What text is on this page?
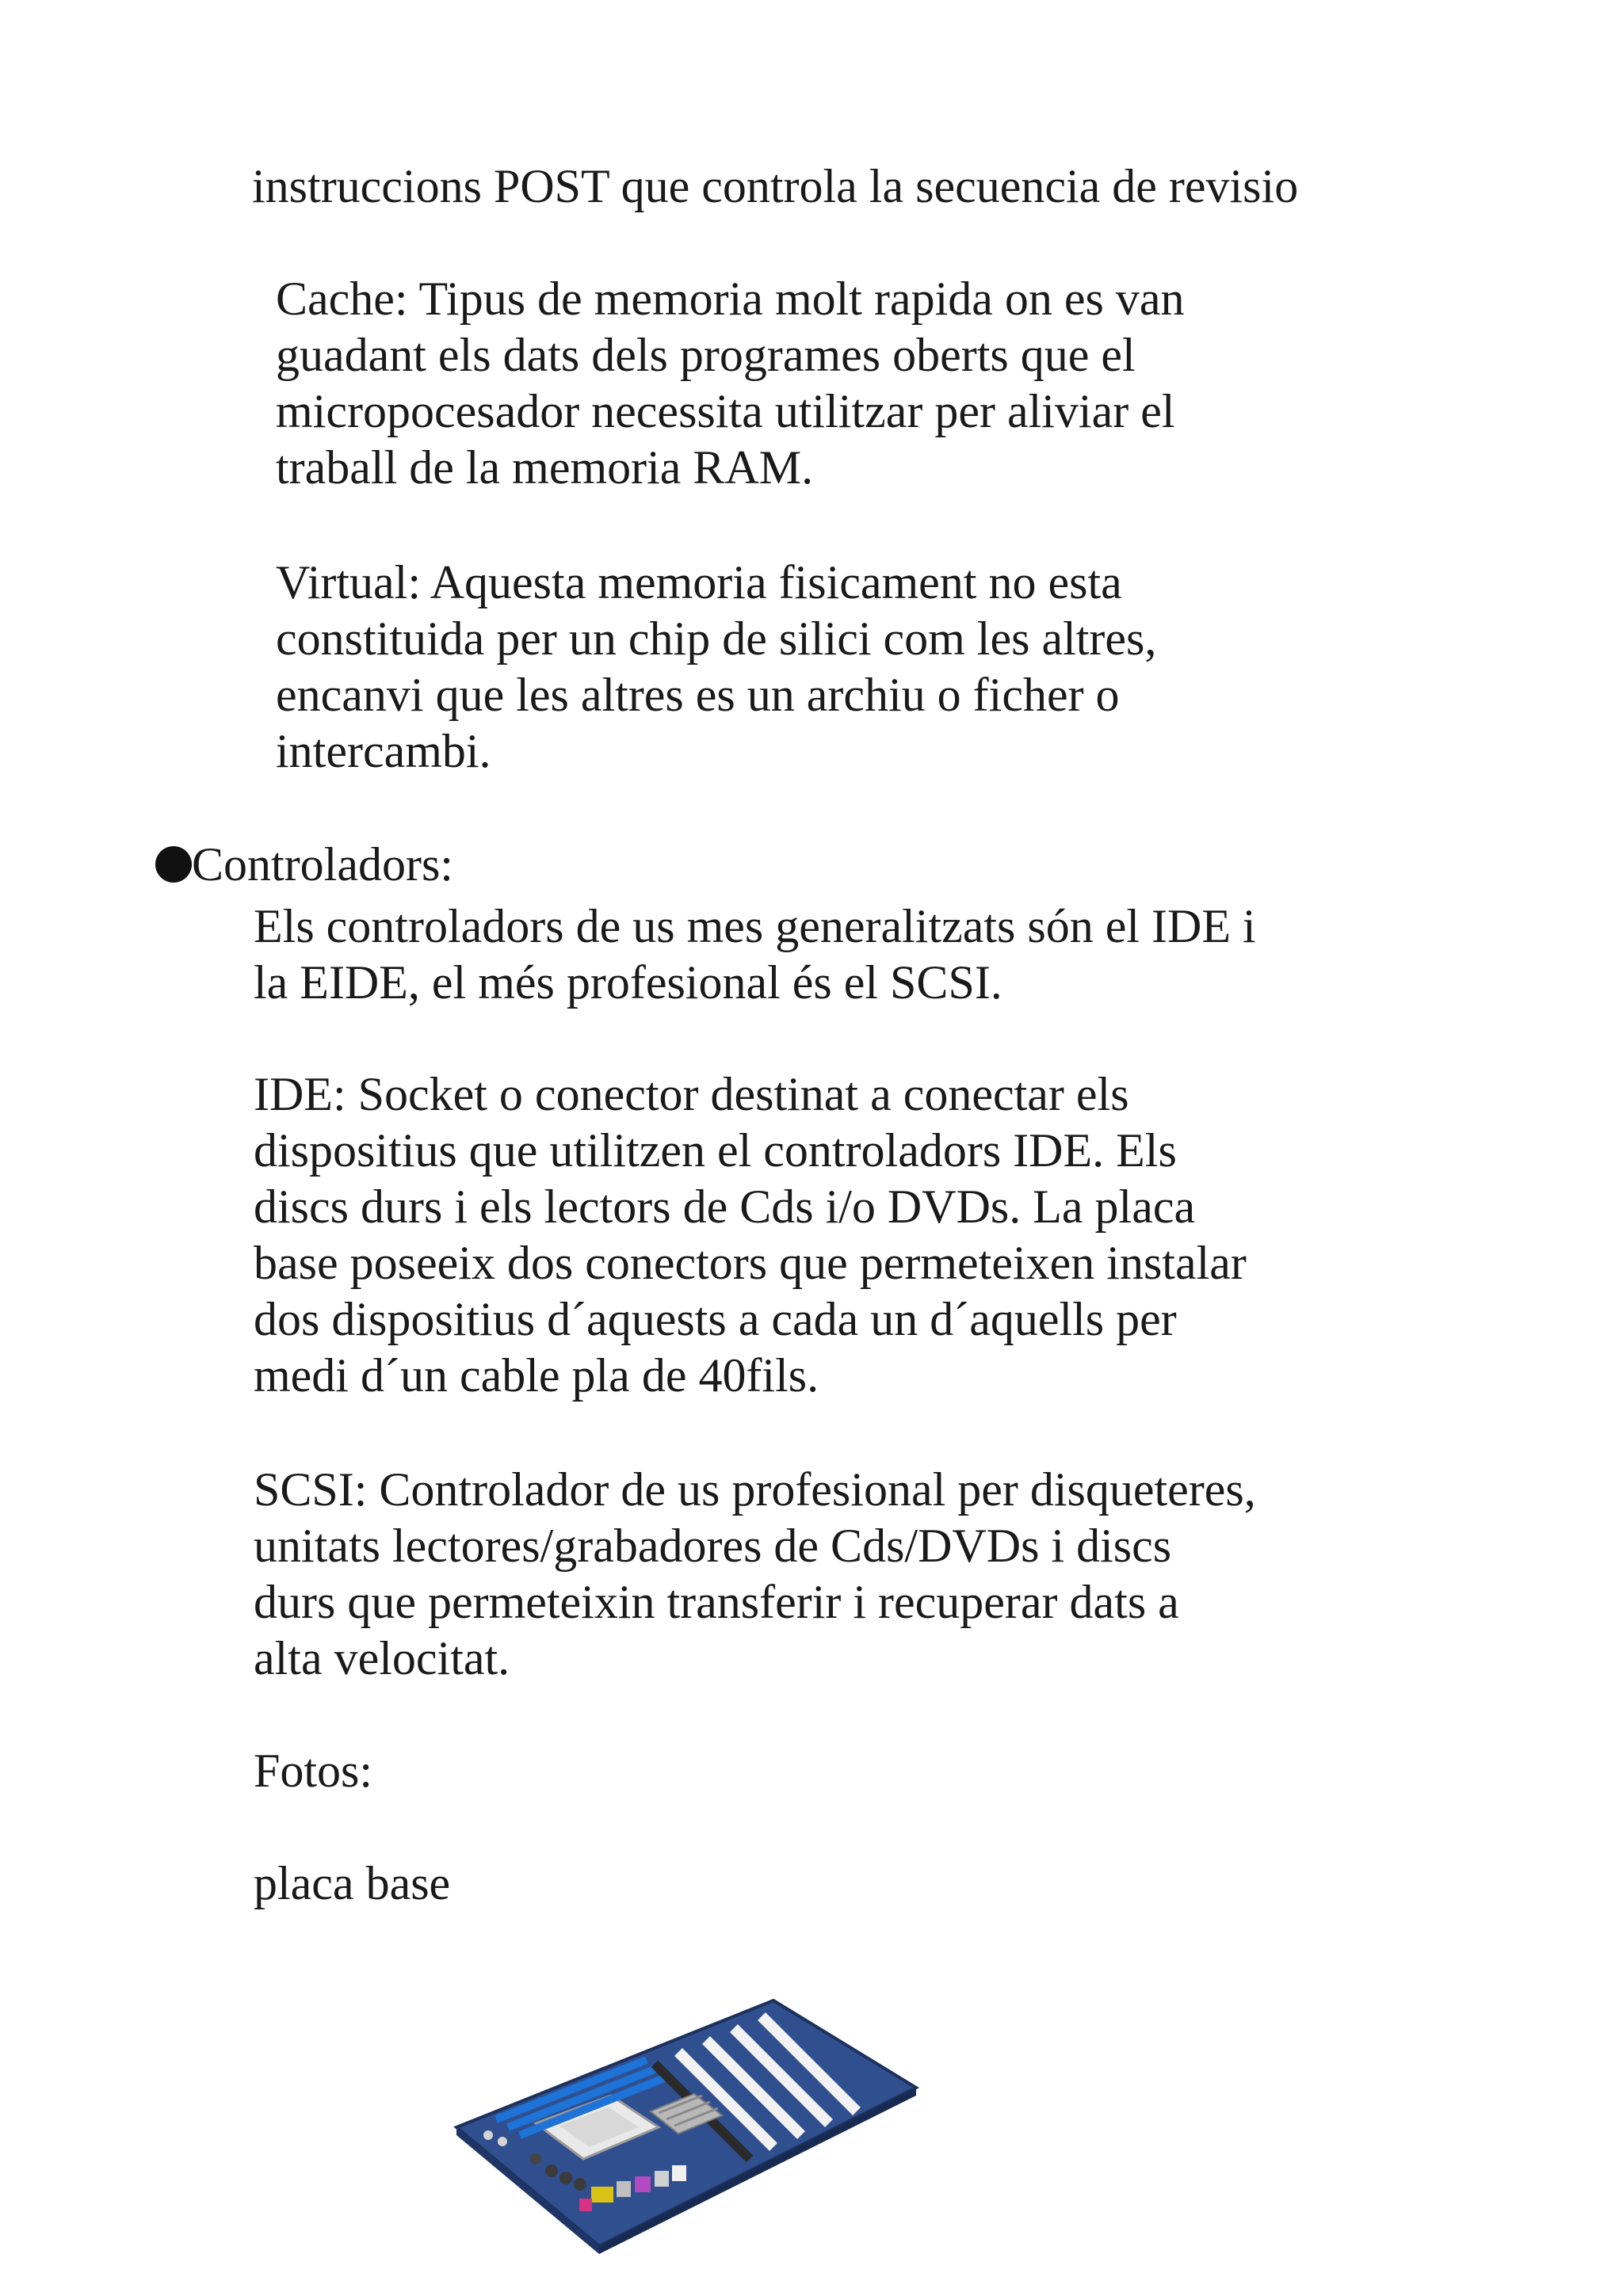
instruccions POST que controla la secuencia de revisio

Cache: Tipus de memoria molt rapida on es van
guadant els dats dels programes oberts que el
micropocesador necessita utilitzar per aliviar el
traball de la memoria RAM.

Virtual: Aquesta memoria fisicament no esta
constituida per un chip de silici com les altres,
encanvi que les altres es un archiu o ficher o
intercambi.

Controladors:

Els controladors de us mes generalitzats són el IDE i
la EIDE, el més profesional és el SCSI.

IDE: Socket o conector destinat a conectar els
dispositius que utilitzen el controladors IDE. Els
discs durs i els lectors de Cds i/o DVDs. La placa
base poseeix dos conectors que permeteixen instalar
dos dispositius d´aquests a cada un d´aquells per
medi d´un cable pla de 40fils.

SCSI: Controlador de us profesional per disqueteres,
unitats lectores/grabadores de Cds/DVDs i discs
durs que permeteixin transferir i recuperar dats a
alta velocitat.

Fotos:
placa base
